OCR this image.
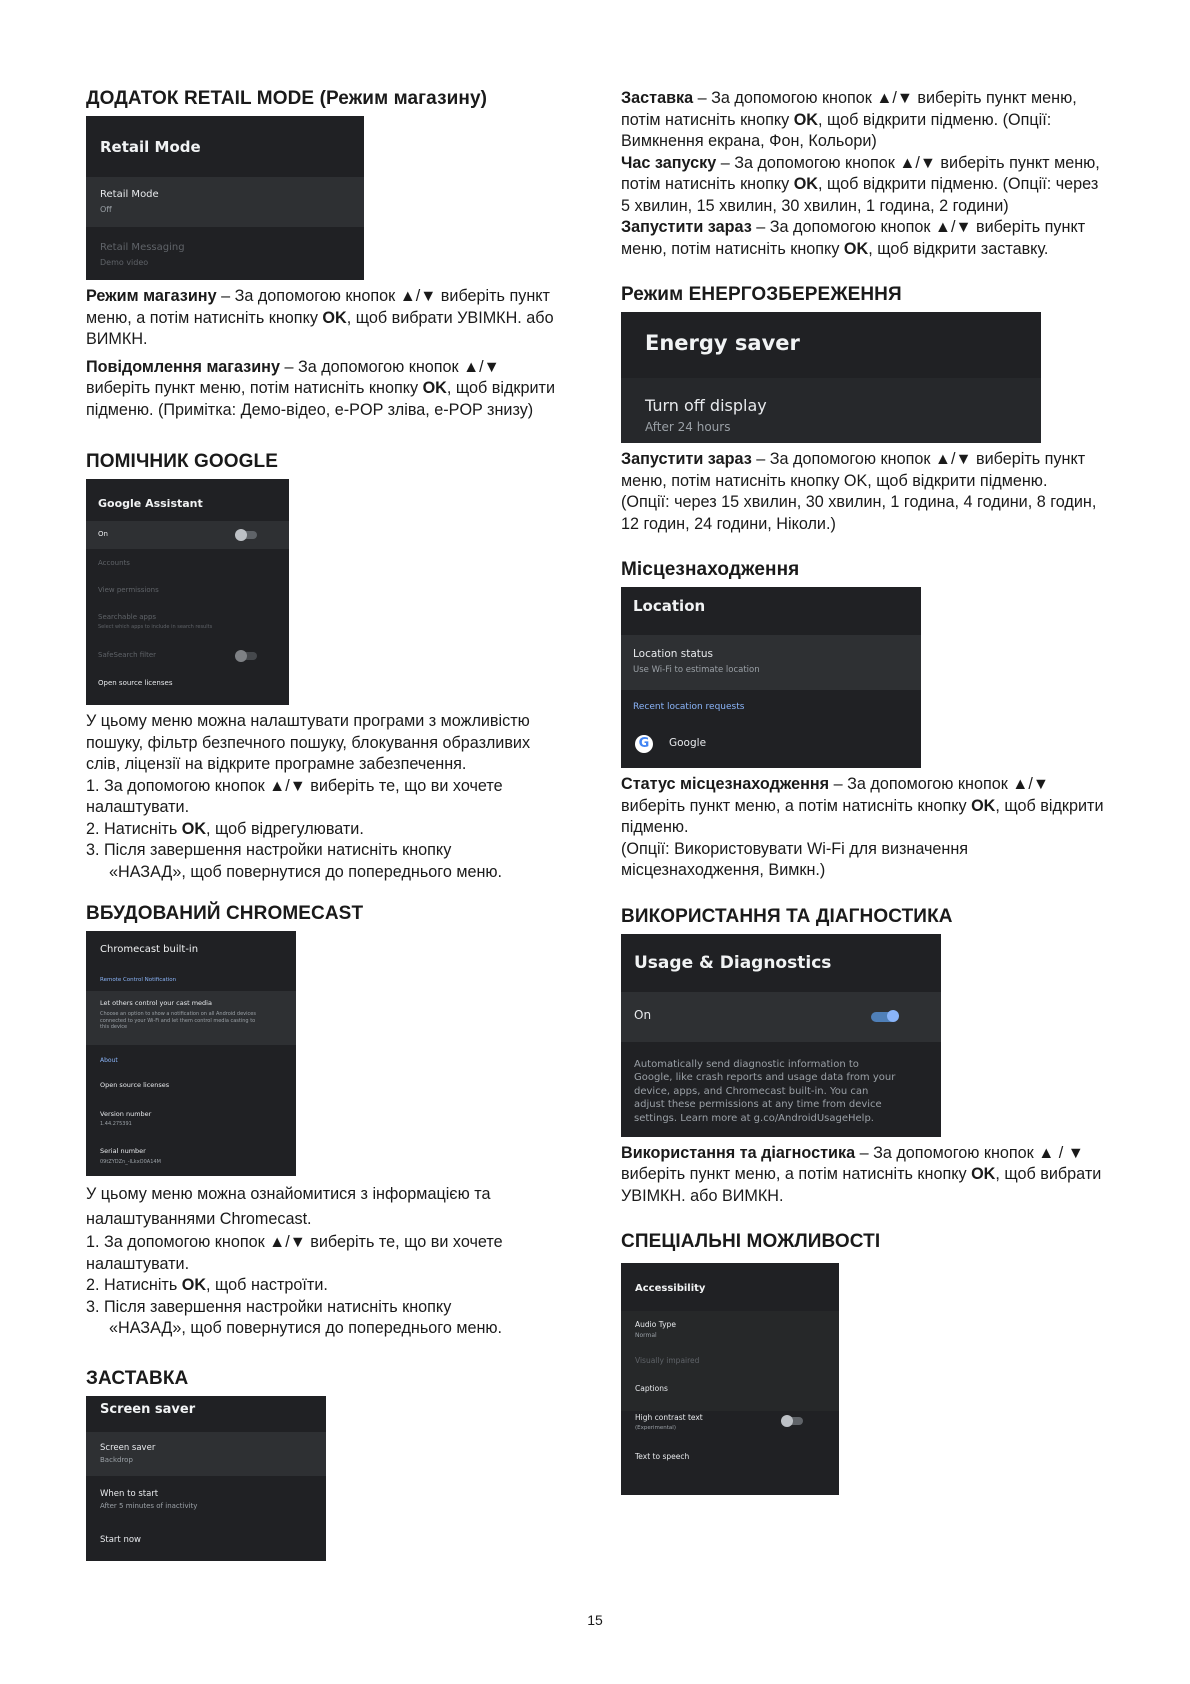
ДОДАТОК RETAIL MODE (Режим магазину)
Retail Mode
Retail Mode
Off
Retail Messaging
Demo video

Режим магазину – За допомогою кнопок ▲/▼ виберіть пункт меню, а потім натисніть кнопку OK, щоб вибрати УВІМКН. або ВИМКН.

Повідомлення магазину – За допомогою кнопок ▲/▼ виберіть пункт меню, потім натисніть кнопку OK, щоб відкрити підменю. (Примітка: Демо-відео, e-POP зліва, e-POP знизу)

ПОМІЧНИК GOOGLE
Google Assistant
On
Accounts
View permissions
Searchable apps
Select which apps to include in search results
SafeSearch filter
Open source licenses

У цьому меню можна налаштувати програми з можливістю пошуку, фільтр безпечного пошуку, блокування образливих слів, ліцензії на відкрите програмне забезпечення.

1. За допомогою кнопок ▲/▼ виберіть те, що ви хочете налаштувати.

2. Натисніть OK, щоб відрегулювати.

3. Після завершення настройки натисніть кнопку

«НАЗАД», щоб повернутися до попереднього меню.

ВБУДОВАНИЙ CHROMECAST
Chromecast built-in
Remote Control Notification
Let others control your cast media
Choose an option to show a notification on all Android devices connected to your Wi-Fi and let them control media casting to this device
About
Open source licenses
Version number
1.44.275391
Serial number
09tZYDZn_-ILkxO0A14M

У цьому меню можна ознайомитися з інформацією та налаштуваннями Chromecast.

1. За допомогою кнопок ▲/▼ виберіть те, що ви хочете налаштувати.

2. Натисніть OK, щоб настроїти.

3. Після завершення настройки натисніть кнопку

«НАЗАД», щоб повернутися до попереднього меню.

ЗАСТАВКА
Screen saver
Screen saver
Backdrop
When to start
After 5 minutes of inactivity
Start now

Заставка – За допомогою кнопок ▲/▼ виберіть пункт меню, потім натисніть кнопку OK, щоб відкрити підменю. (Опції: Вимкнення екрана, Фон, Кольори)

Час запуску – За допомогою кнопок ▲/▼ виберіть пункт меню, потім натисніть кнопку OK, щоб відкрити підменю. (Опції: через 5 хвилин, 15 хвилин, 30 хвилин, 1 година, 2 години)

Запустити зараз – За допомогою кнопок ▲/▼ виберіть пункт меню, потім натисніть кнопку OK, щоб відкрити заставку.

Режим ЕНЕРГОЗБЕРЕЖЕННЯ
Energy saver
Turn off display
After 24 hours

Запустити зараз – За допомогою кнопок ▲/▼ виберіть пункт меню, потім натисніть кнопку OK, щоб відкрити підменю.

(Опції: через 15 хвилин, 30 хвилин, 1 година, 4 години, 8 годин, 12 годин, 24 години, Ніколи.)

Місцезнаходження
Location
Location status
Use Wi-Fi to estimate location
Recent location requests
G	Google

Статус місцезнаходження – За допомогою кнопок ▲/▼ виберіть пункт меню, а потім натисніть кнопку OK, щоб відкрити підменю.

(Опції: Використовувати Wi-Fi для визначення місцезнаходження, Вимкн.)

ВИКОРИСТАННЯ ТА ДІАГНОСТИКА
Usage & Diagnostics
On
Automatically send diagnostic information to Google, like crash reports and usage data from your device, apps, and Chromecast built-in. You can adjust these permissions at any time from device settings. Learn more at g.co/AndroidUsageHelp.

Використання та діагностика – За допомогою кнопок ▲ / ▼ виберіть пункт меню, а потім натисніть кнопку OK, щоб вибрати УВІМКН. або ВИМКН.

СПЕЦІАЛЬНІ МОЖЛИВОСТІ
Accessibility
Audio Type
Normal
Visually impaired
Captions
High contrast text
(Experimental)
Text to speech
15
